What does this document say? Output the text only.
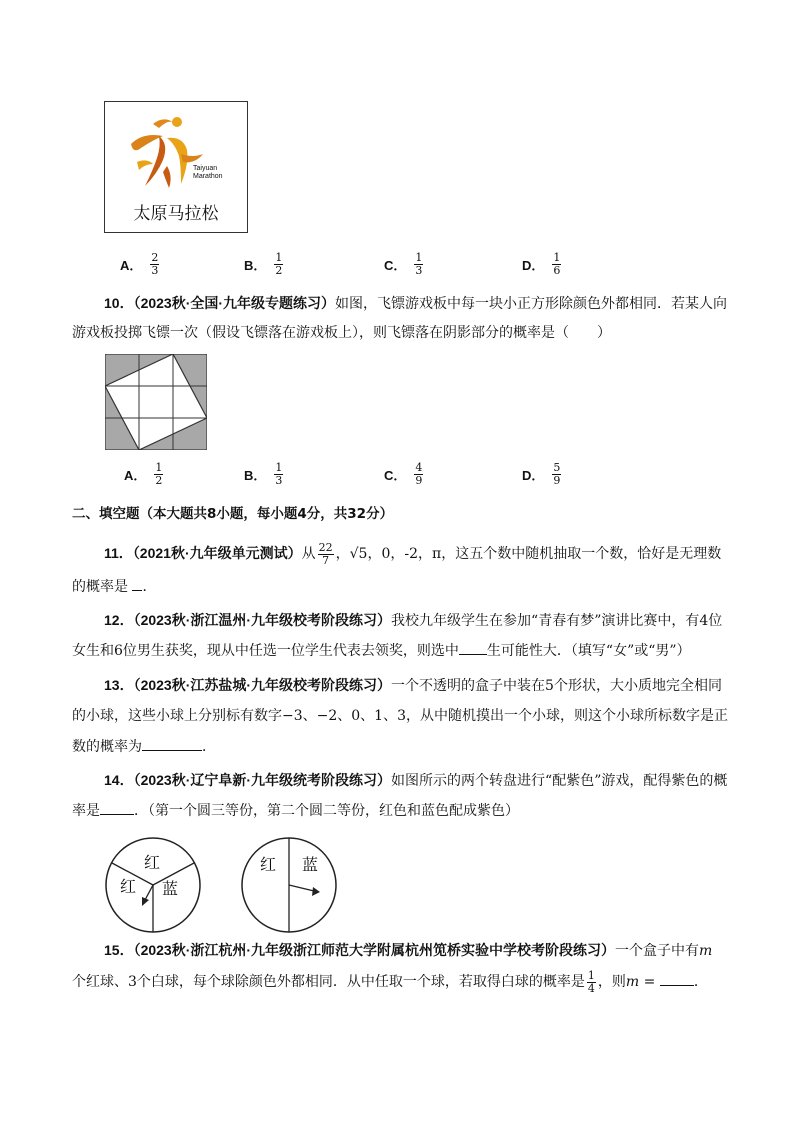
Taiyuan
Marathon
太原马拉松
A． $\frac{2}{3}$	B． $\frac{1}{2}$	C． $\frac{1}{3}$	D． $\frac{1}{6}$
10．（2023秋·全国·九年级专题练习）如图，飞镖游戏板中每一块小正方形除颜色外都相同．若某人向
游戏板投掷飞镖一次（假设飞镖落在游戏板上），则飞镖落在阴影部分的概率是（　　）
A． $\frac{1}{2}$	B． $\frac{1}{3}$	C． $\frac{4}{9}$	D． $\frac{5}{9}$
二、填空题（本大题共8小题，每小题4分，共32分）
11．（2021秋·九年级单元测试）从 $\frac{22}{7}$ ，√5，0，-2，π，这五个数中随机抽取一个数，恰好是无理数
的概率是 ．
12．（2023秋·浙江温州·九年级校考阶段练习）我校九年级学生在参加“青春有梦”演讲比赛中，有4位
女生和6位男生获奖，现从中任选一位学生代表去领奖，则选中 生可能性大．（填写“女”或“男”）
13．（2023秋·江苏盐城·九年级校考阶段练习）一个不透明的盒子中装在5个形状，大小质地完全相同
的小球，这些小球上分别标有数字−3、−2、0、1、3，从中随机摸出一个小球，则这个小球所标数字是正
数的概率为	．
14．（2023秋·辽宁阜新·九年级统考阶段练习）如图所示的两个转盘进行“配紫色”游戏，配得紫色的概
率是 ．（第一个圆三等份，第二个圆二等份，红色和蓝色配成紫色）
红
红 蓝
红 蓝
15．（2023秋·浙江杭州·九年级浙江师范大学附属杭州笕桥实验中学校考阶段练习）一个盒子中有m
个红球、3个白球，每个球除颜色外都相同．从中任取一个球，若取得白球的概率是 $\frac{1}{4}$ ，则m = ．
